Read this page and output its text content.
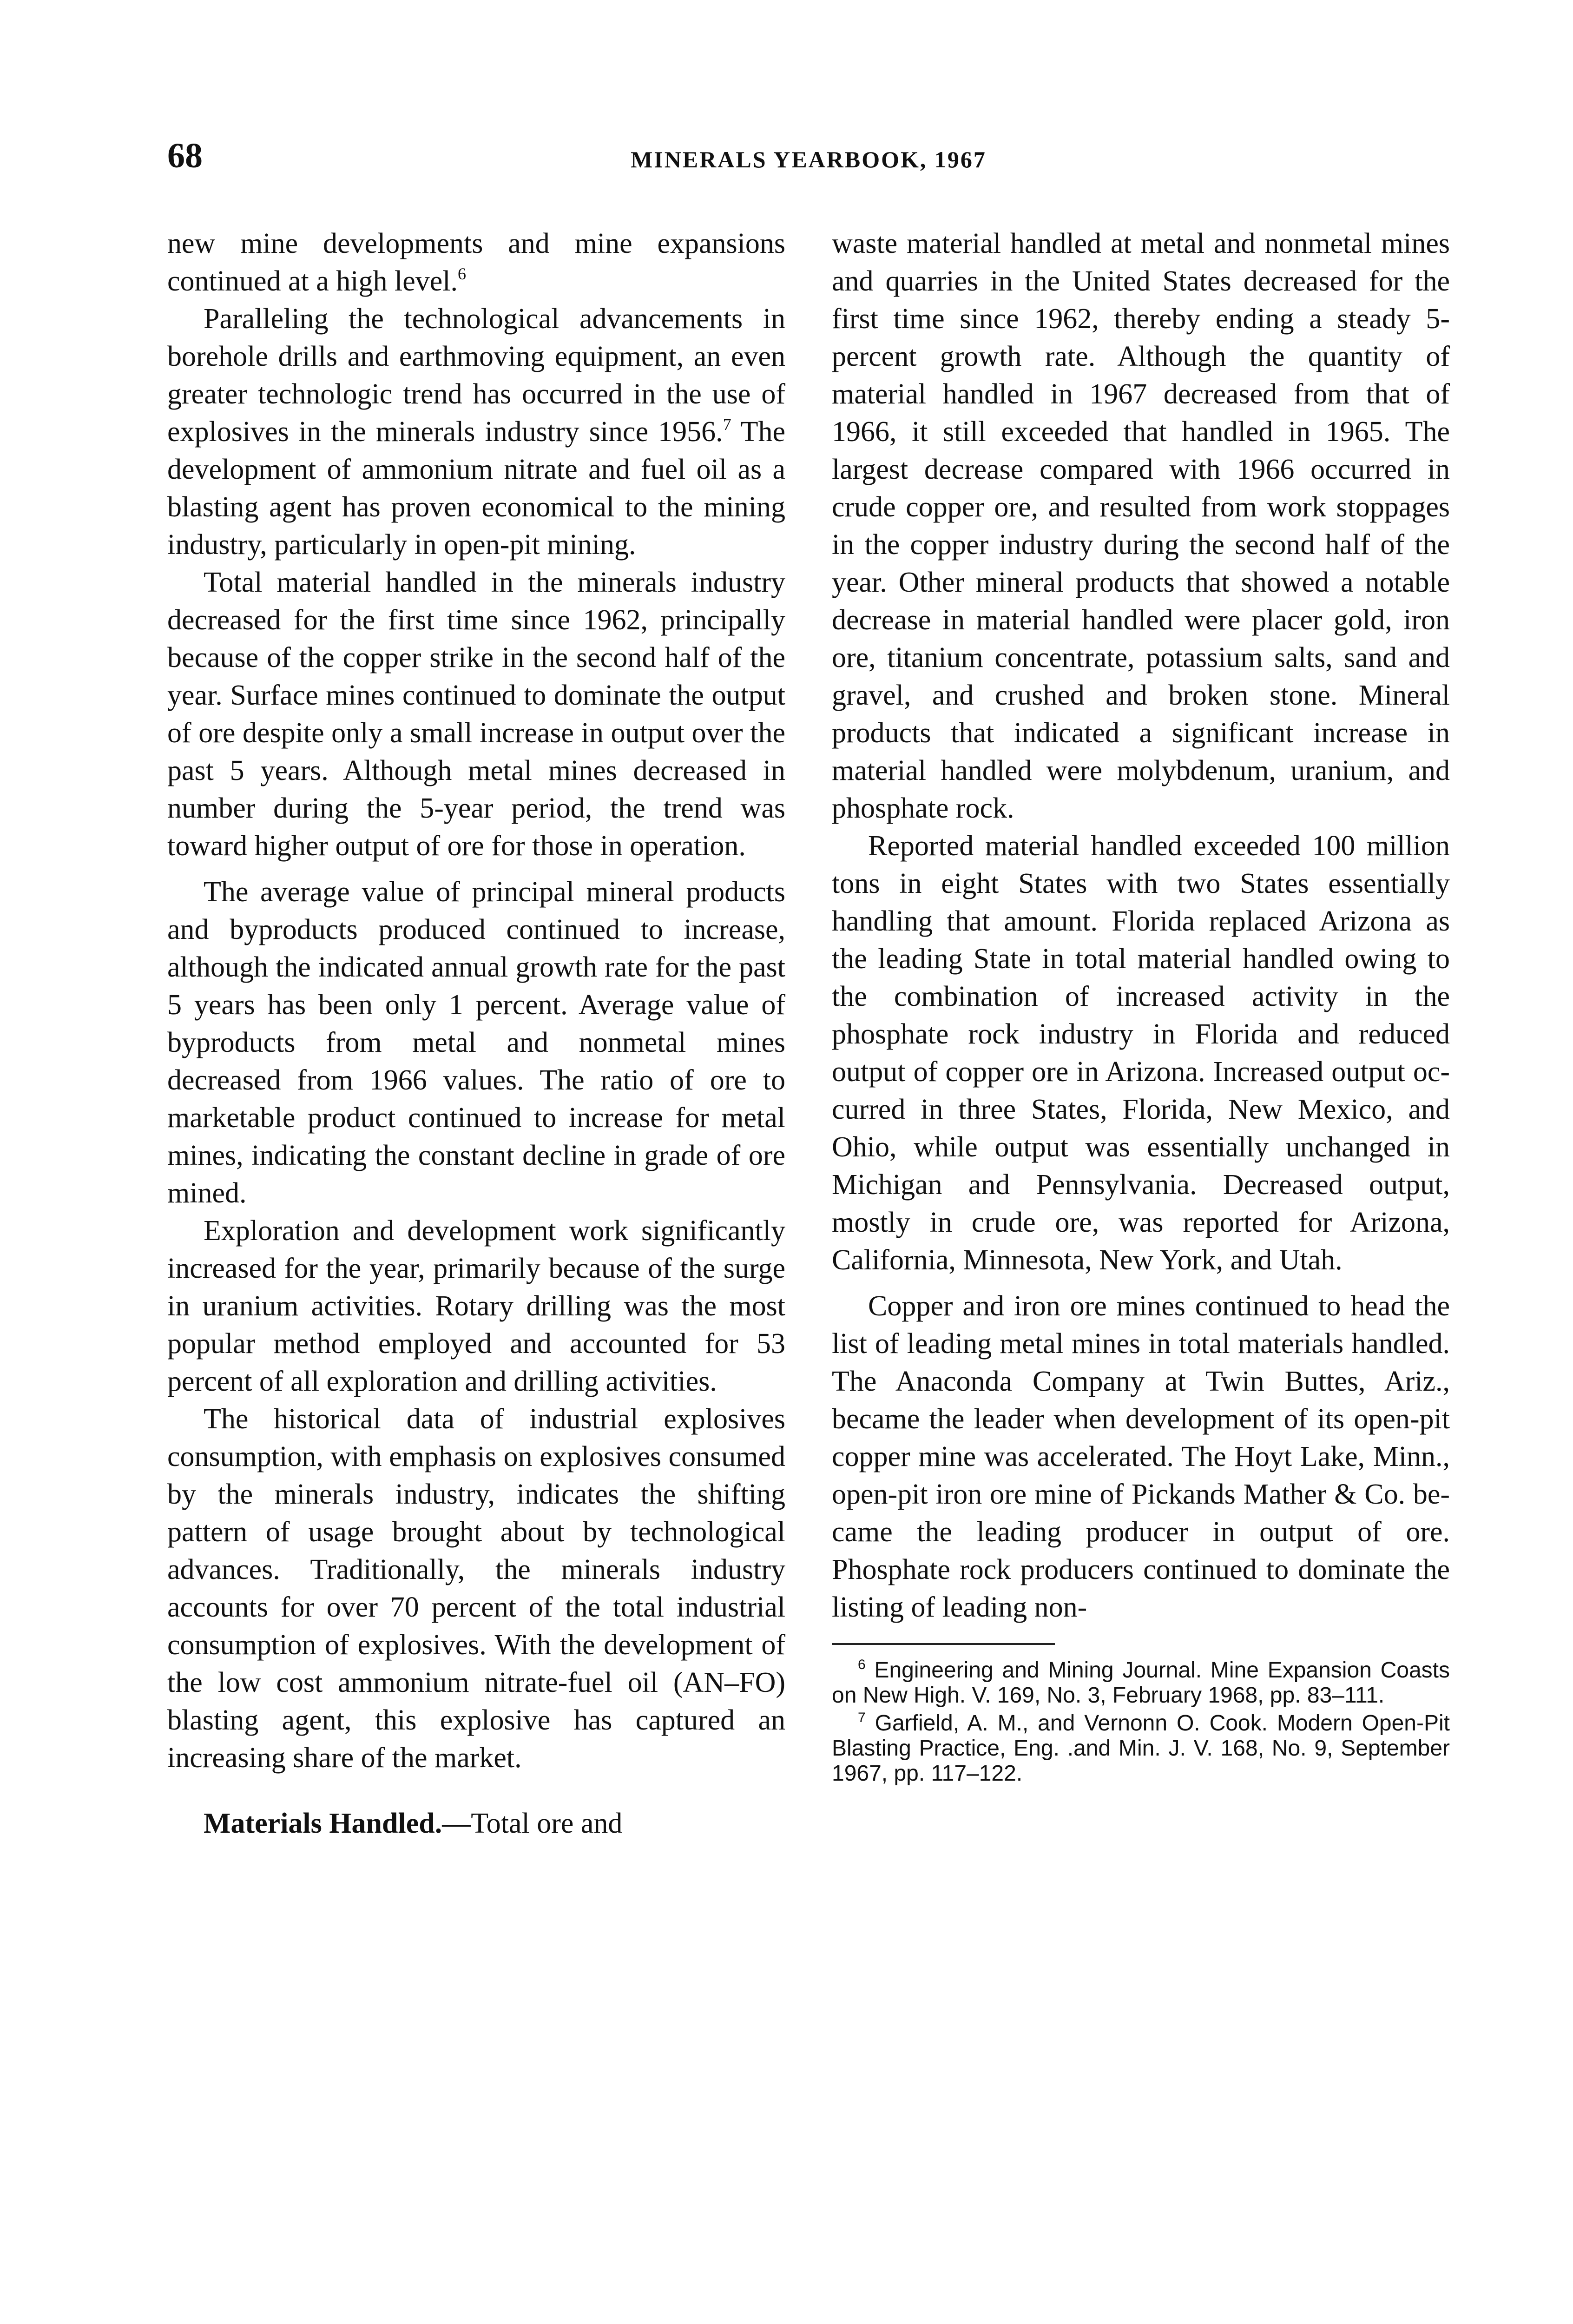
68	MINERALS YEARBOOK, 1967

new mine developments and mine expansions continued at a high level.$^6$

Paralleling the technological advancements in borehole drills and earthmoving equipment, an even greater technologic trend has occurred in the use of explosives in the minerals industry since 1956.$^7$ The development of ammonium nitrate and fuel oil as a blasting agent has proven economical to the mining industry, particularly in open-pit mining.

Total material handled in the minerals industry decreased for the first time since 1962, principally because of the copper strike in the second half of the year. Surface mines continued to dominate the output of ore despite only a small increase in output over the past 5 years. Although metal mines decreased in number during the 5-year period, the trend was toward higher output of ore for those in operation.

The average value of principal mineral products and byproducts produced continued to increase, although the indicated annual growth rate for the past 5 years has been only 1 percent. Average value of byproducts from metal and nonmetal mines decreased from 1966 values. The ratio of ore to marketable product continued to increase for metal mines, indicating the constant decline in grade of ore mined.

Exploration and development work significantly increased for the year, primarily because of the surge in uranium activities. Rotary drilling was the most popular method employed and accounted for 53 percent of all exploration and drilling activities.

The historical data of industrial explosives consumption, with emphasis on explosives consumed by the minerals industry, indicates the shifting pattern of usage brought about by technological advances. Traditionally, the minerals industry accounts for over 70 percent of the total industrial consumption of explosives. With the development of the low cost ammonium nitrate-fuel oil (AN–FO) blasting agent, this explosive has captured an increasing share of the market.

Materials Handled.—Total ore and

waste material handled at metal and nonmetal mines and quarries in the United States decreased for the first time since 1962, thereby ending a steady 5-percent growth rate. Although the quantity of material handled in 1967 decreased from that of 1966, it still exceeded that handled in 1965. The largest decrease compared with 1966 occurred in crude copper ore, and resulted from work stoppages in the copper industry during the second half of the year. Other mineral products that showed a notable decrease in material handled were placer gold, iron ore, titanium concentrate, potassium salts, sand and gravel, and crushed and broken stone. Mineral products that indicated a significant increase in material handled were molybdenum, uranium, and phosphate rock.

Reported material handled exceeded 100 million tons in eight States with two States essentially handling that amount. Florida replaced Arizona as the leading State in total material handled owing to the combination of increased activity in the phosphate rock industry in Florida and reduced output of copper ore in Arizona. Increased output occurred in three States, Florida, New Mexico, and Ohio, while output was essentially unchanged in Michigan and Pennsylvania. Decreased output, mostly in crude ore, was reported for Arizona, California, Minnesota, New York, and Utah.

Copper and iron ore mines continued to head the list of leading metal mines in total materials handled. The Anaconda Company at Twin Buttes, Ariz., became the leader when development of its open-pit copper mine was accelerated. The Hoyt Lake, Minn., open-pit iron ore mine of Pickands Mather & Co. became the leading producer in output of ore. Phosphate rock producers continued to dominate the listing of leading non-

$^6$ Engineering and Mining Journal. Mine Expansion Coasts on New High. V. 169, No. 3, February 1968, pp. 83–111.

$^7$ Garfield, A. M., and Vernonn O. Cook. Modern Open-Pit Blasting Practice, Eng. .and Min. J. V. 168, No. 9, September 1967, pp. 117–122.
